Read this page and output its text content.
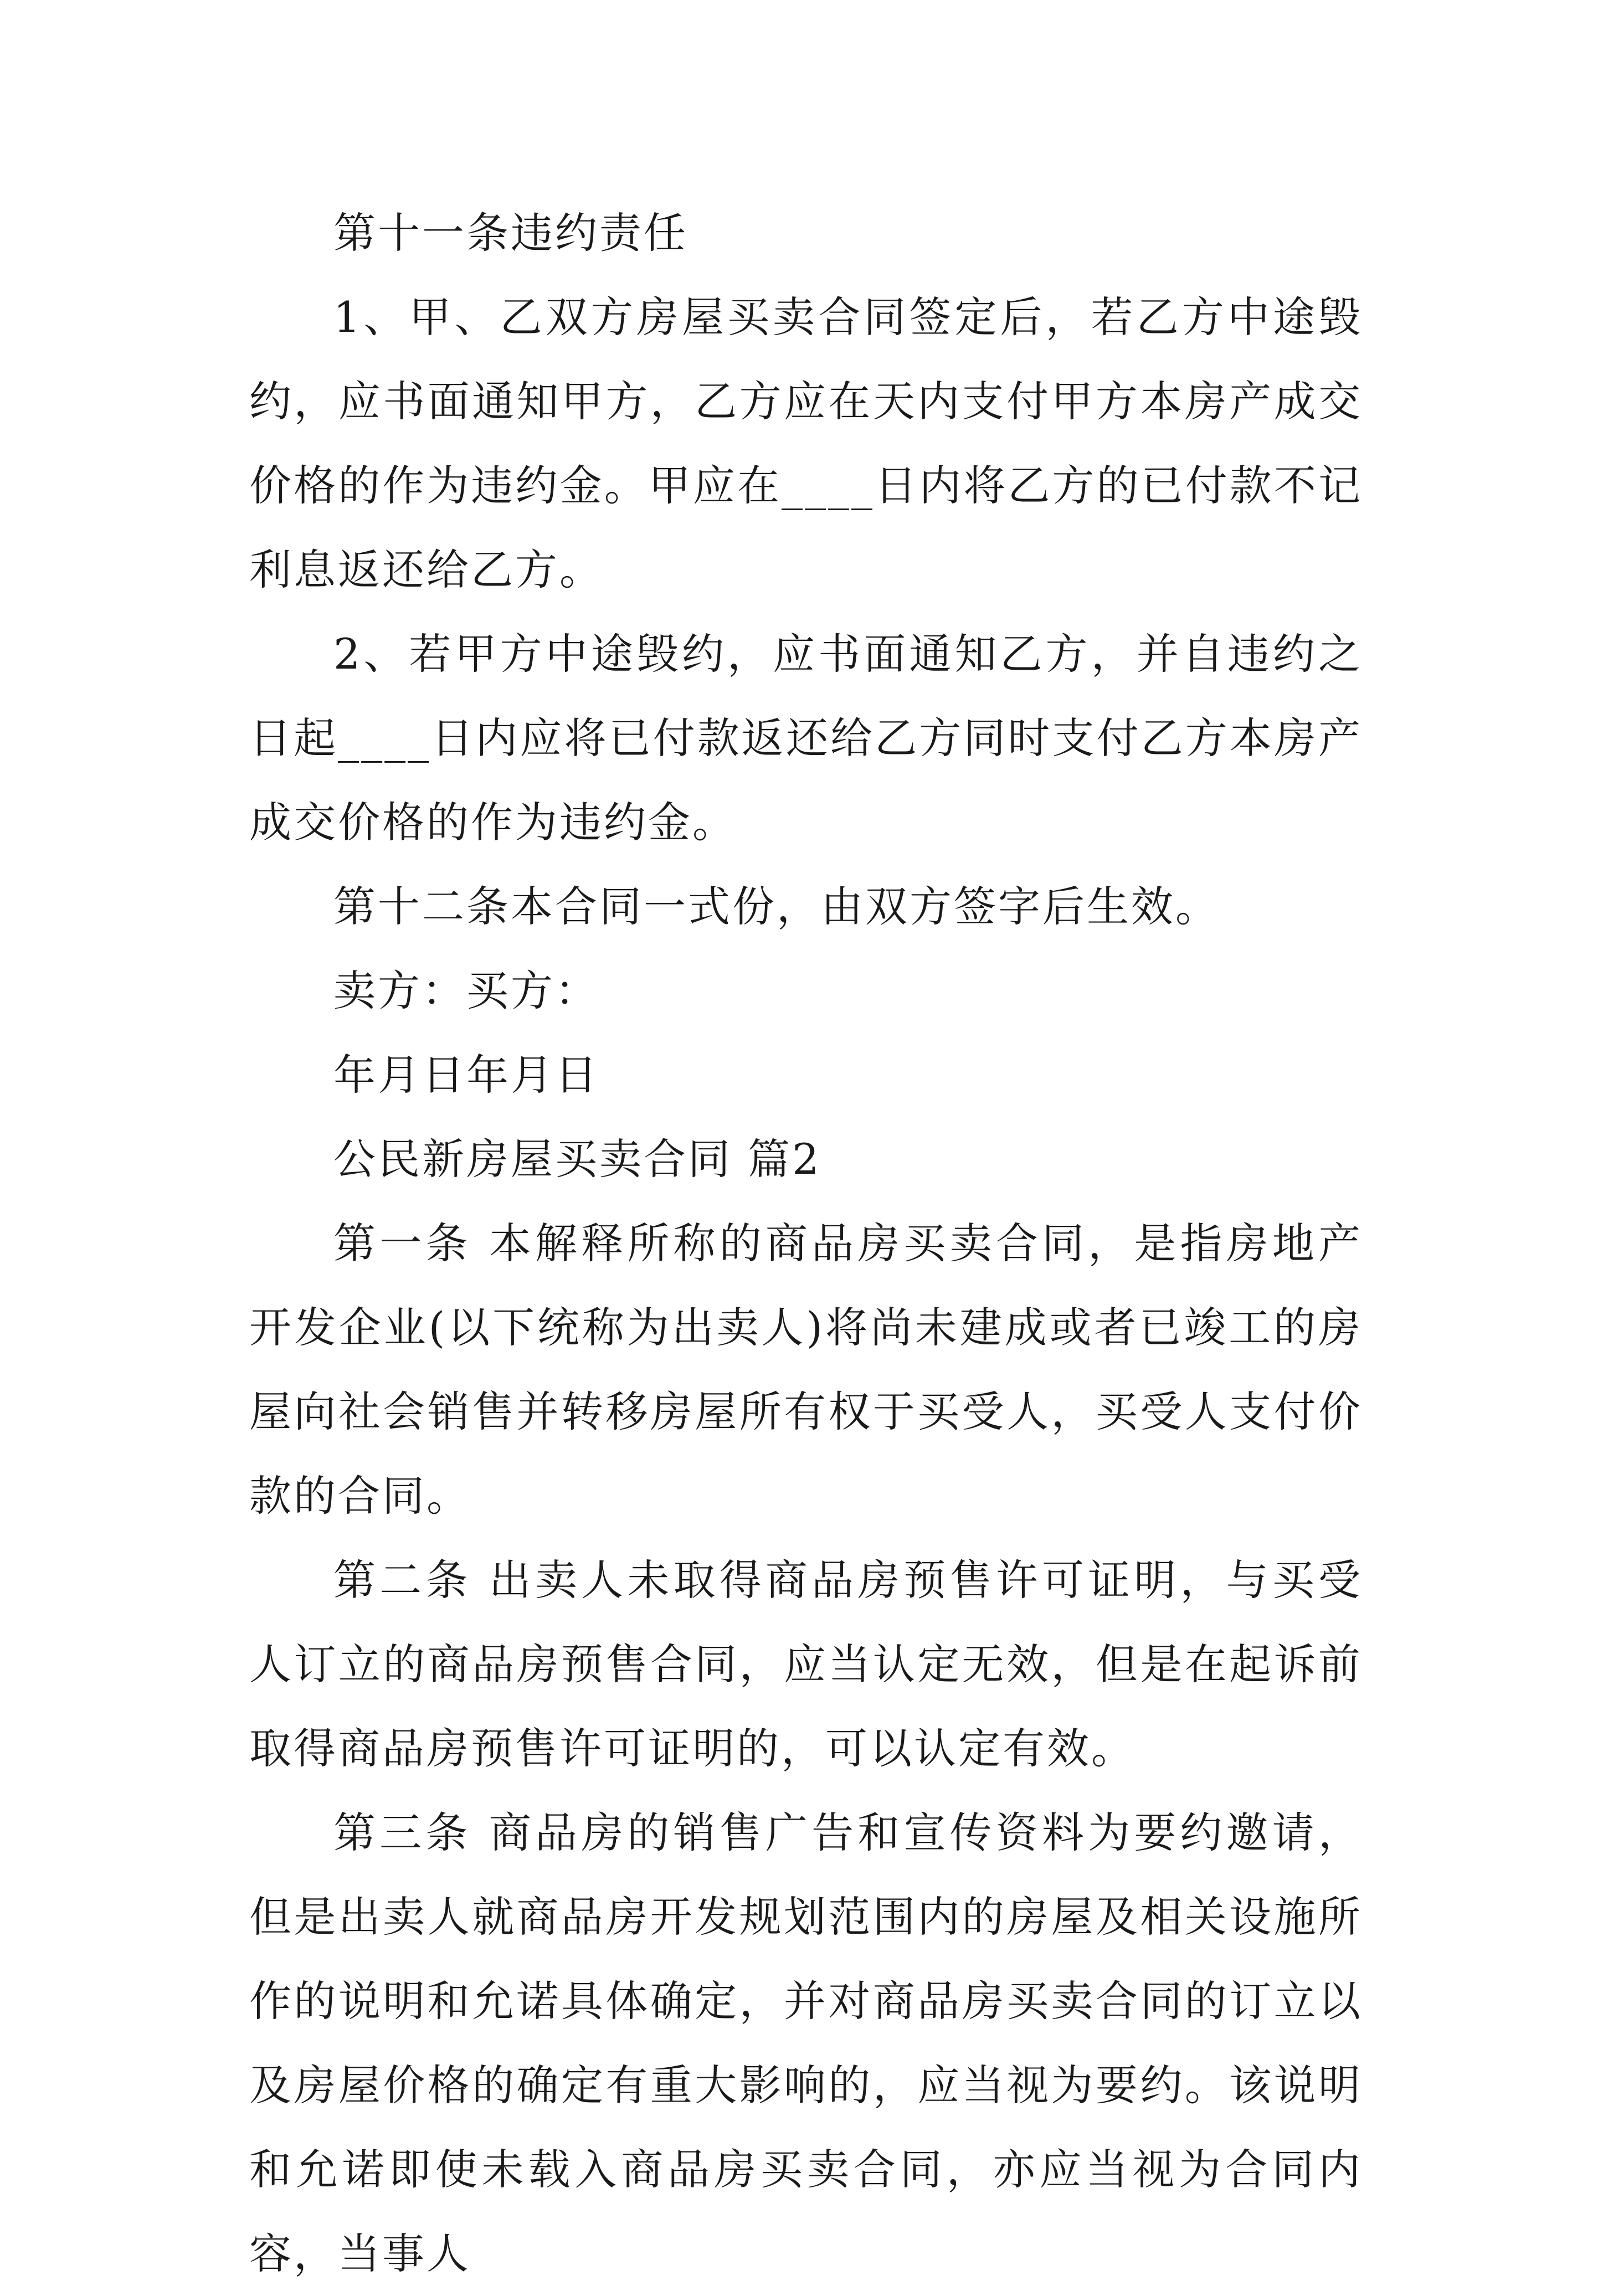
第十一条违约责任

1、甲、乙双方房屋买卖合同签定后，若乙方中途毁约，应书面通知甲方，乙方应在天内支付甲方本房产成交价格的作为违约金。甲应在____日内将乙方的已付款不记利息返还给乙方。

2、若甲方中途毁约，应书面通知乙方，并自违约之日起____日内应将已付款返还给乙方同时支付乙方本房产成交价格的作为违约金。

第十二条本合同一式份，由双方签字后生效。

卖方：买方：

年月日年月日

公民新房屋买卖合同 篇2

第一条 本解释所称的商品房买卖合同，是指房地产开发企业(以下统称为出卖人)将尚未建成或者已竣工的房屋向社会销售并转移房屋所有权于买受人，买受人支付价款的合同。

第二条 出卖人未取得商品房预售许可证明，与买受人订立的商品房预售合同，应当认定无效，但是在起诉前取得商品房预售许可证明的，可以认定有效。

第三条 商品房的销售广告和宣传资料为要约邀请，但是出卖人就商品房开发规划范围内的房屋及相关设施所作的说明和允诺具体确定，并对商品房买卖合同的订立以及房屋价格的确定有重大影响的，应当视为要约。该说明和允诺即使未载入商品房买卖合同，亦应当视为合同内容，当事人
